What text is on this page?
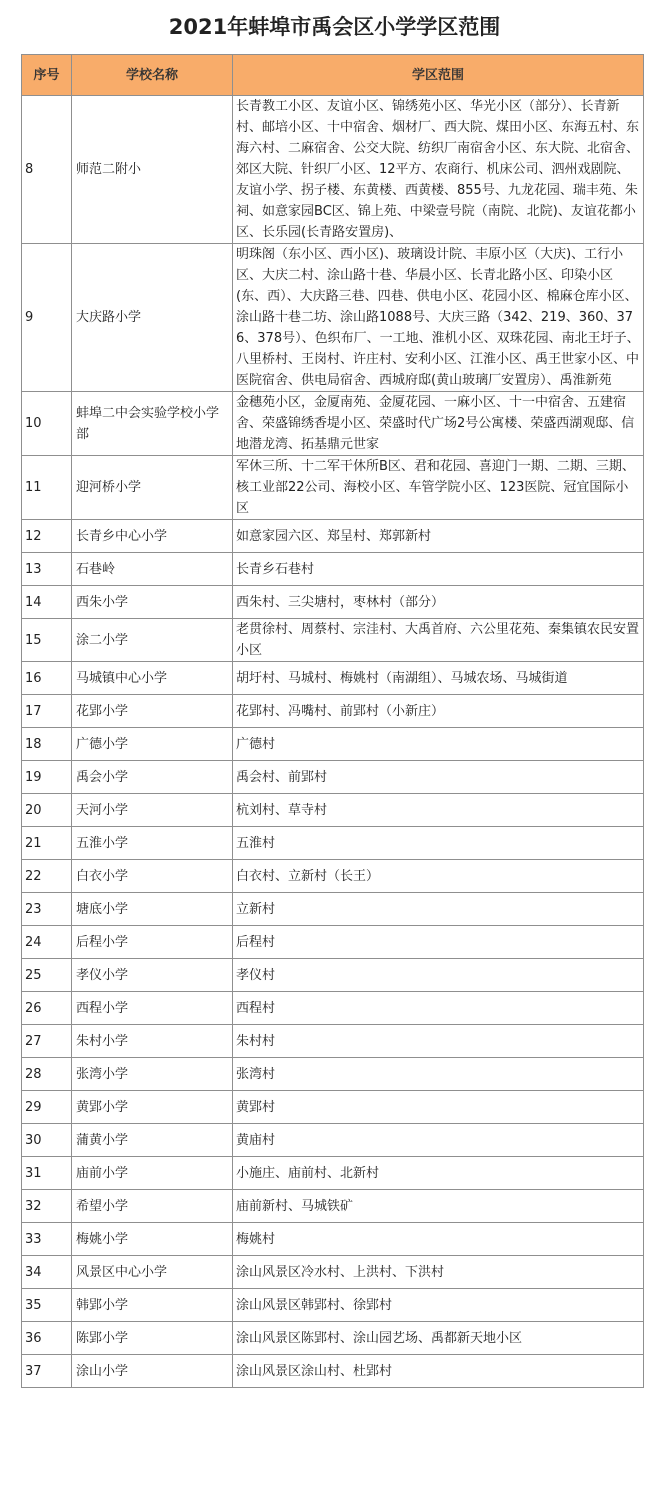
2021年蚌埠市禹会区小学学区范围
序号	学校名称	学区范围
8	师范二附小	长青教工小区、友谊小区、锦绣苑小区、华光小区（部分）、长青新村、邮培小区、十中宿舍、烟材厂、西大院、煤田小区、东海五村、东海六村、二麻宿舍、公交大院、纺织厂南宿舍小区、东大院、北宿舍、郊区大院、针织厂小区、12平方、农商行、机床公司、泗州戏剧院、友谊小学、拐子楼、东黄楼、西黄楼、855号、九龙花园、瑞丰苑、朱祠、如意家园BC区、锦上苑、中梁壹号院（南院、北院)、友谊花都小区、长乐园(长青路安置房)、
9	大庆路小学	明珠阁（东小区、西小区)、玻璃设计院、丰原小区（大庆)、工行小区、大庆二村、涂山路十巷、华晨小区、长青北路小区、印染小区(东、西）、大庆路三巷、四巷、供电小区、花园小区、棉麻仓库小区、涂山路十巷二坊、涂山路1088号、大庆三路（342、219、360、376、378号）、色织布厂、一工地、淮机小区、双珠花园、南北王圩子、八里桥村、王岗村、许庄村、安利小区、江淮小区、禹王世家小区、中医院宿舍、供电局宿舍、西城府邸(黄山玻璃厂安置房）、禹淮新苑
10	蚌埠二中会实验学校小学部	金穗苑小区，金厦南苑、金厦花园、一麻小区、十一中宿舍、五建宿舍、荣盛锦绣香堤小区、荣盛时代广场2号公寓楼、荣盛西湖观邸、信地潜龙湾、拓基鼎元世家
11	迎河桥小学	军休三所、十二军干休所B区、君和花园、喜迎门一期、二期、三期、核工业部22公司、海校小区、车管学院小区、123医院、冠宜国际小区
12	长青乡中心小学	如意家园六区、郑呈村、郑郭新村
13	石巷岭	长青乡石巷村
14	西朱小学	西朱村、三尖塘村，枣林村（部分）
15	涂二小学	老贯徐村、周蔡村、宗洼村、大禹首府、六公里花苑、秦集镇农民安置小区
16	马城镇中心小学	胡圩村、马城村、梅姚村（南湖组）、马城农场、马城街道
17	花郢小学	花郢村、冯嘴村、前郢村（小新庄）
18	广德小学	广德村
19	禹会小学	禹会村、前郢村
20	天河小学	杭刘村、草寺村
21	五淮小学	五淮村
22	白衣小学	白衣村、立新村（长王）
23	塘底小学	立新村
24	后程小学	后程村
25	孝仪小学	孝仪村
26	西程小学	西程村
27	朱村小学	朱村村
28	张湾小学	张湾村
29	黄郢小学	黄郢村
30	蒲黄小学	黄庙村
31	庙前小学	小施庄、庙前村、北新村
32	希望小学	庙前新村、马城铁矿
33	梅姚小学	梅姚村
34	风景区中心小学	涂山风景区冷水村、上洪村、下洪村
35	韩郢小学	涂山风景区韩郢村、徐郢村
36	陈郢小学	涂山风景区陈郢村、涂山园艺场、禹都新天地小区
37	涂山小学	涂山风景区涂山村、杜郢村
